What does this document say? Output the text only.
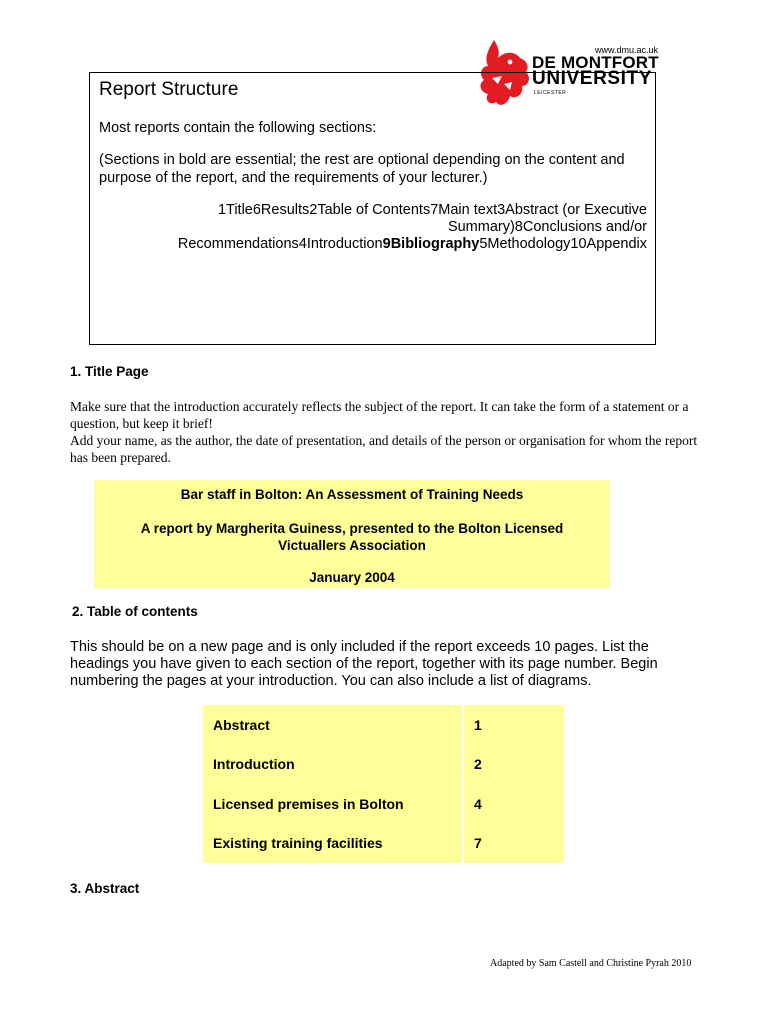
www.dmu.ac.uk
DE MONTFORT
UNIVERSITY
LEICESTER
Report Structure
Most reports contain the following sections:
(Sections in bold are essential; the rest are optional depending on the content and purpose of the report, and the requirements of your lecturer.)
1Title6Results2Table of Contents7Main text3Abstract (or Executive
Summary)8Conclusions and/or
Recommendations4Introduction9Bibliography5Methodology10Appendix
1. Title Page
Make sure that the introduction accurately reflects the subject of the report. It can take the form of a statement or a question, but keep it brief!
Add your name, as the author, the date of presentation, and details of the person or organisation for whom the report has been prepared.
Bar staff in Bolton: An Assessment of Training Needs
A report by Margherita Guiness, presented to the Bolton Licensed Victuallers Association
January 2004
2. Table of contents
This should be on a new page and is only included if the report exceeds 10 pages. List the headings you have given to each section of the report, together with its page number. Begin numbering the pages at your introduction. You can also include a list of diagrams.
Abstract	1
Introduction	2
Licensed premises in Bolton	4
Existing training facilities	7
3. Abstract
Adapted by Sam Castell and Christine Pyrah 2010
